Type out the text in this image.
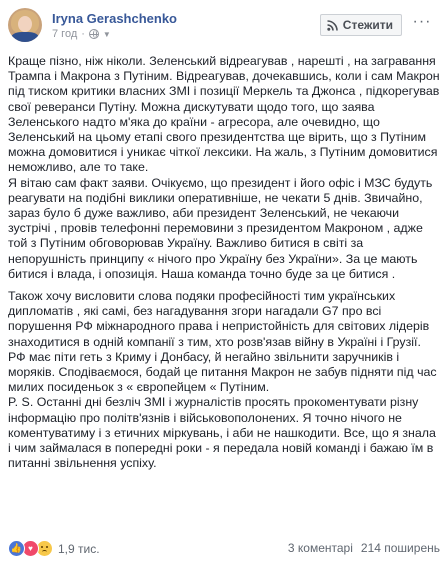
Iryna Gerashchenko
7 год · ▼
Стежити ···

Краще пізно, ніж ніколи. Зеленський відреагував , нарешті , на загравання Трампа і Макрона з Путіним. Відреагував, дочекавшись, коли і сам Макрон під тиском критики власних ЗМІ і позиції Меркель та Джонса , підкорегував свої реверанси Путіну. Можна дискутувати щодо того, що заява Зеленського надто м'яка до країни - агресора, але очевидно, що Зеленський на цьому етапі свого президентства ще вірить, що з Путіним можна домовитися і уникає чіткої лексики. На жаль, з Путіним домовитися неможливо, але то таке.

Я вітаю сам факт заяви. Очікуємо, що президент і його офіс і МЗС будуть реагувати на подібні виклики оперативніше, не чекати 5 днів. Звичайно, зараз було б дуже важливо, аби президент Зеленський, не чекаючи зустрічі , провів телефонні перемовини з президентом Макроном , адже той з Путіним обговорював Україну. Важливо битися в світі за непорушність принципу « нічого про Україну без України». За це мають битися і влада, і опозиція. Наша команда точно буде за це битися .

Також хочу висловити слова подяки професійності тим українських дипломатів , які самі, без нагадування згори нагадали G7 про всі порушення РФ міжнародного права і непристойність для світових лідерів знаходитися в одній компанії з тим, хто розв'язав війну в Україні і Грузії. РФ має піти геть з Криму і Донбасу, й негайно звільнити заручників і моряків. Сподіваємося, бодай це питання Макрон не забув підняти під час милих посиденьок з « європейцем « Путіним.

P. S. Останні дні безліч ЗМІ і журналістів просять прокоментувати різну інформацію про політв'язнів і військовополонених. Я точно нічого не коментуватиму і з етичних міркувань, і аби не нашкодити. Все, що я знала і чим займалася в попередні роки - я передала новій команді і бажаю їм в питанні звільнення успіху.

👍 ♥	1,9 тис.	3 коментарі 214 поширень
